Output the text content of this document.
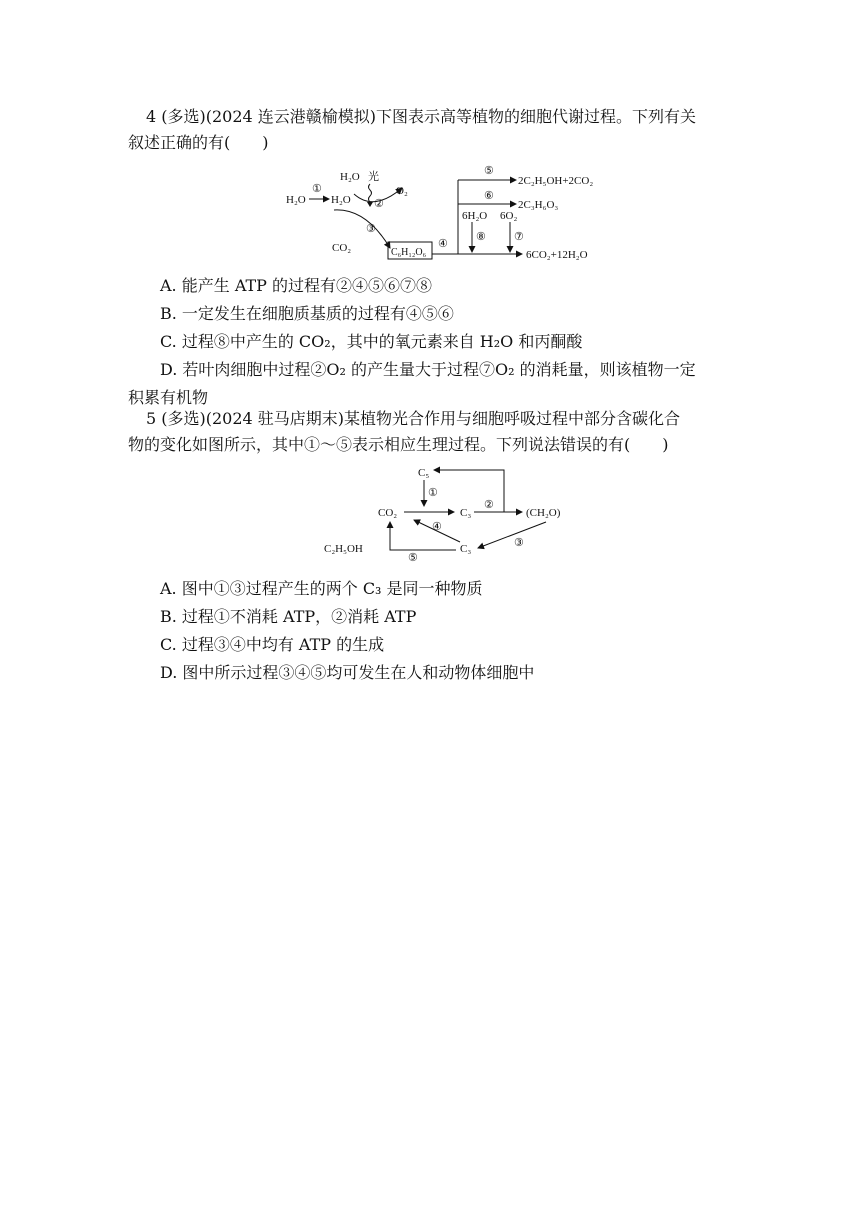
4 (多选)(2024 连云港赣榆模拟)下图表示高等植物的细胞代谢过程。下列有关

叙述正确的有(　　)

H₂O
①
H₂O
H₂O 光
②
O₂
③
CO₂	C₆H₁₂O₆
④
⑤
2C₂H₅OH+2CO₂
⑥
2C₃H₆O₃
6H₂O
⑧
6O₂
⑦
6CO₂+12H₂O

A. 能产生 ATP 的过程有②④⑤⑥⑦⑧

B. 一定发生在细胞质基质的过程有④⑤⑥

C. 过程⑧中产生的 CO₂，其中的氧元素来自 H₂O 和丙酮酸

D. 若叶肉细胞中过程②O₂ 的产生量大于过程⑦O₂ 的消耗量，则该植物一定

积累有机物

5 (多选)(2024 驻马店期末)某植物光合作用与细胞呼吸过程中部分含碳化合

物的变化如图所示，其中①～⑤表示相应生理过程。下列说法错误的有(　　)

C₅
①
CO₂	C₃
②
(CH₂O)
③
C₃
④
⑤
C₂H₅OH

A. 图中①③过程产生的两个 C₃ 是同一种物质

B. 过程①不消耗 ATP，②消耗 ATP

C. 过程③④中均有 ATP 的生成

D. 图中所示过程③④⑤均可发生在人和动物体细胞中
